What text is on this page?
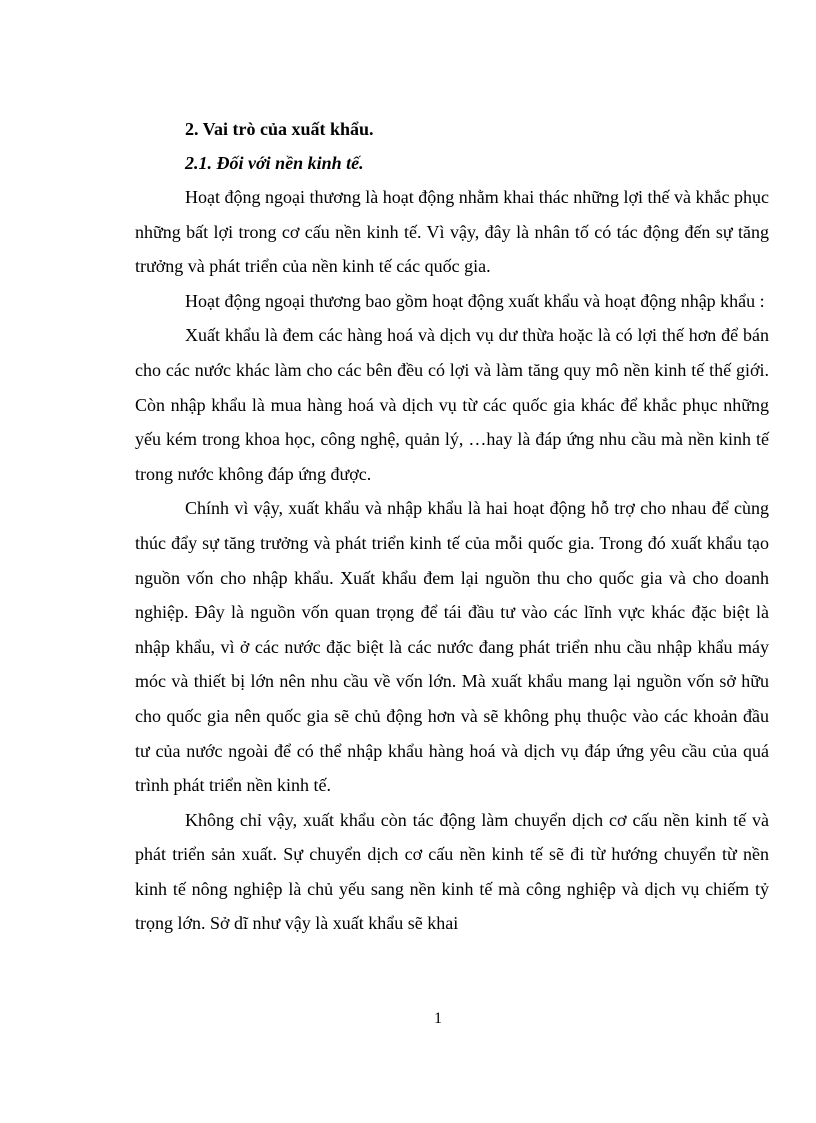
2. Vai trò của xuất khẩu.

2.1. Đối với nền kinh tế.

Hoạt động ngoại thương là hoạt động nhằm khai thác những lợi thế và khắc phục những bất lợi trong cơ cấu nền kinh tế. Vì vậy, đây là nhân tố có tác động đến sự tăng trưởng và phát triển của nền kinh tế các quốc gia.

Hoạt động ngoại thương bao gồm hoạt động xuất khẩu và hoạt động nhập khẩu :

Xuất khẩu là đem các hàng hoá và dịch vụ dư thừa hoặc là có lợi thế hơn để bán cho các nước khác làm cho các bên đều có lợi và làm tăng quy mô nền kinh tế thế giới. Còn nhập khẩu là mua hàng hoá và dịch vụ từ các quốc gia khác để khắc phục những yếu kém trong khoa học, công nghệ, quản lý, …hay là đáp ứng nhu cầu mà nền kinh tế trong nước không đáp ứng được.

Chính vì vậy, xuất khẩu và nhập khẩu là hai hoạt động hỗ trợ cho nhau để cùng thúc đẩy sự tăng trưởng và phát triển kinh tế của mỗi quốc gia. Trong đó xuất khẩu tạo nguồn vốn cho nhập khẩu. Xuất khẩu đem lại nguồn thu cho quốc gia và cho doanh nghiệp. Đây là nguồn vốn quan trọng để tái đầu tư vào các lĩnh vực khác đặc biệt là nhập khẩu, vì ở các nước đặc biệt là các nước đang phát triển nhu cầu nhập khẩu máy móc và thiết bị lớn nên nhu cầu về vốn lớn. Mà xuất khẩu mang lại nguồn vốn sở hữu cho quốc gia nên quốc gia sẽ chủ động hơn và sẽ không phụ thuộc vào các khoản đầu tư của nước ngoài để có thể nhập khẩu hàng hoá và dịch vụ đáp ứng yêu cầu của quá trình phát triển nền kinh tế.

Không chỉ vậy, xuất khẩu còn tác động làm chuyển dịch cơ cấu nền kinh tế và phát triển sản xuất. Sự chuyển dịch cơ cấu nền kinh tế sẽ đi từ hướng chuyển từ nền kinh tế nông nghiệp là chủ yếu sang nền kinh tế mà công nghiệp và dịch vụ chiếm tỷ trọng lớn. Sở dĩ như vậy là xuất khẩu sẽ khai

1
